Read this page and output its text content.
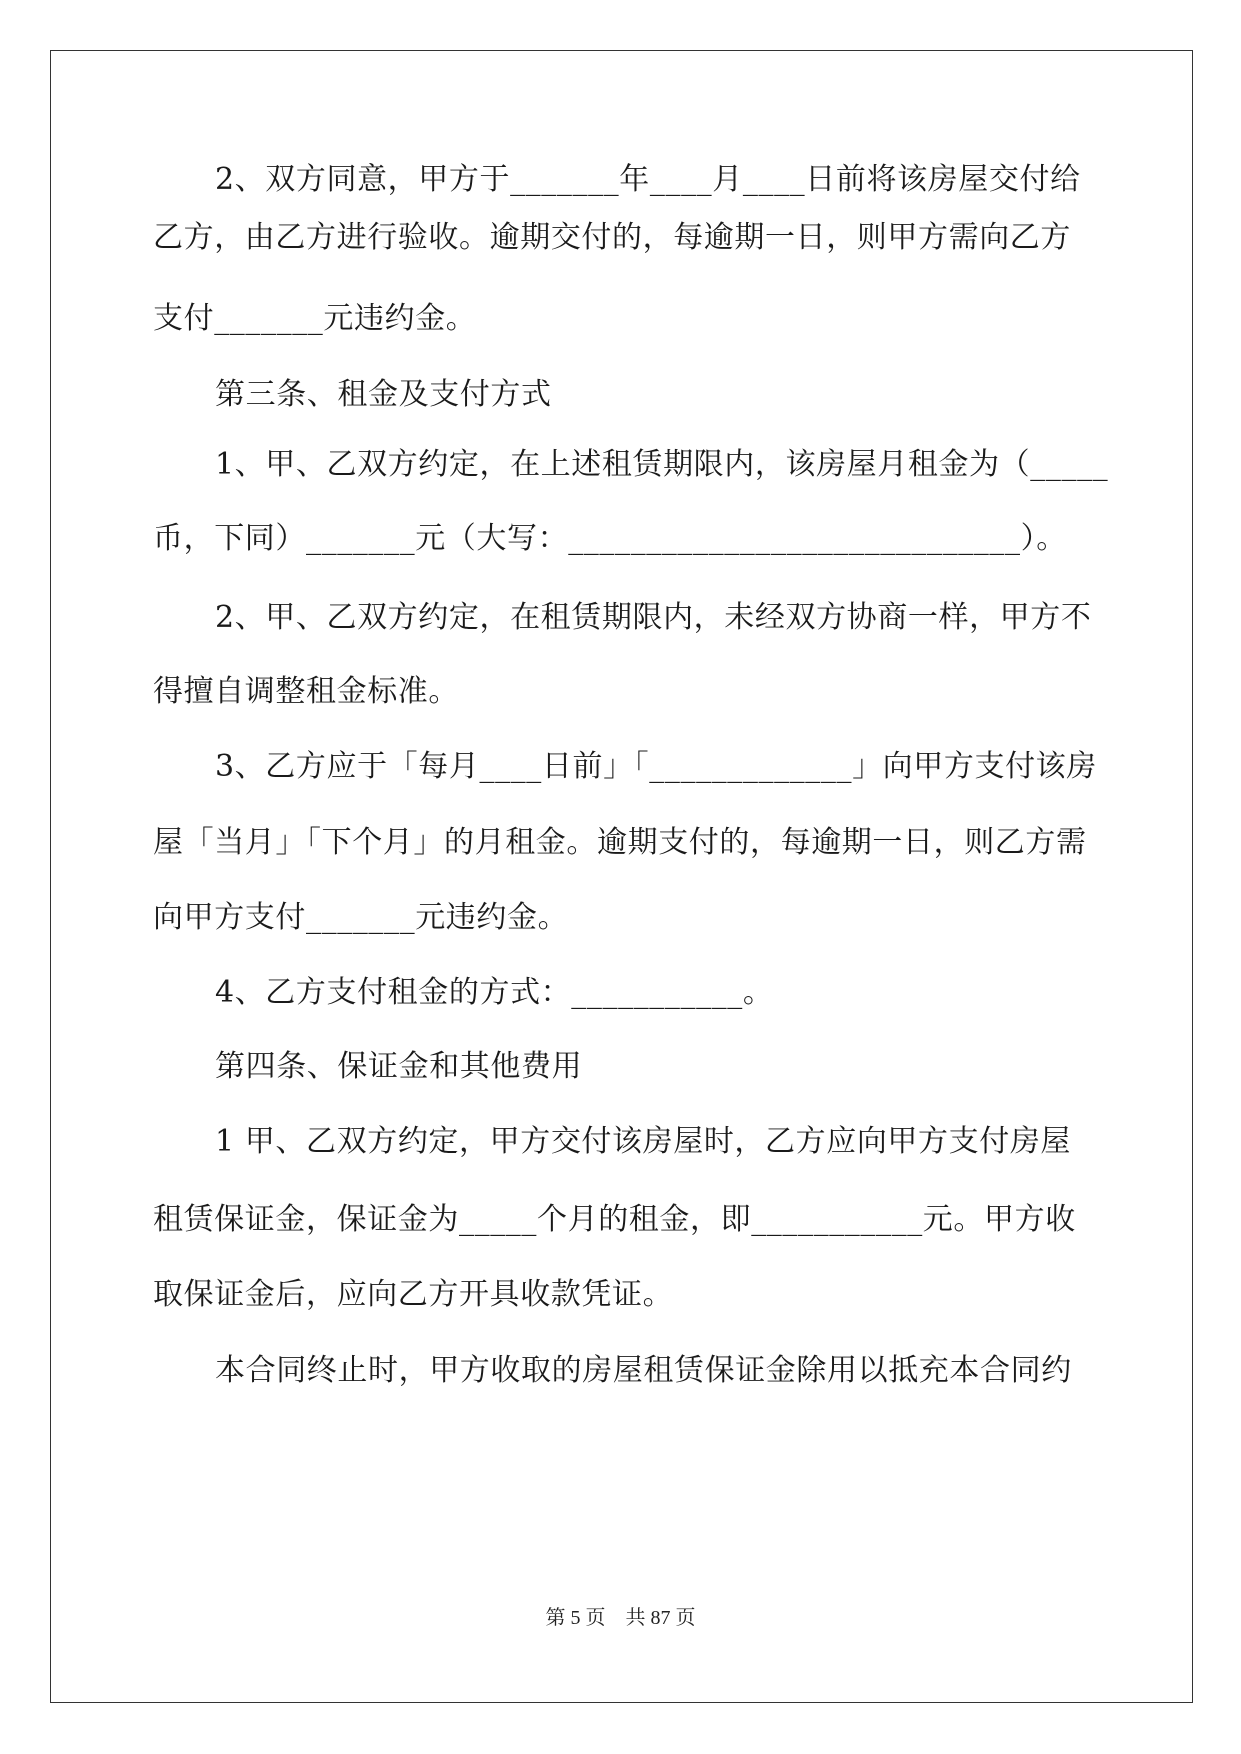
2、双方同意，甲方于_______年____月____日前将该房屋交付给
乙方，由乙方进行验收。逾期交付的，每逾期一日，则甲方需向乙方
支付_______元违约金。
第三条、租金及支付方式
1、甲、乙双方约定，在上述租赁期限内，该房屋月租金为（_____
币，下同）_______元（大写：_____________________________）。
2、甲、乙双方约定，在租赁期限内，未经双方协商一样，甲方不
得擅自调整租金标准。
3、乙方应于「每月____日前」「_____________」向甲方支付该房
屋「当月」「下个月」的月租金。逾期支付的，每逾期一日，则乙方需
向甲方支付_______元违约金。
4、乙方支付租金的方式：___________。
第四条、保证金和其他费用
1 甲、乙双方约定，甲方交付该房屋时，乙方应向甲方支付房屋
租赁保证金，保证金为_____个月的租金，即___________元。甲方收
取保证金后，应向乙方开具收款凭证。
本合同终止时，甲方收取的房屋租赁保证金除用以抵充本合同约
第 5 页　共 87 页
